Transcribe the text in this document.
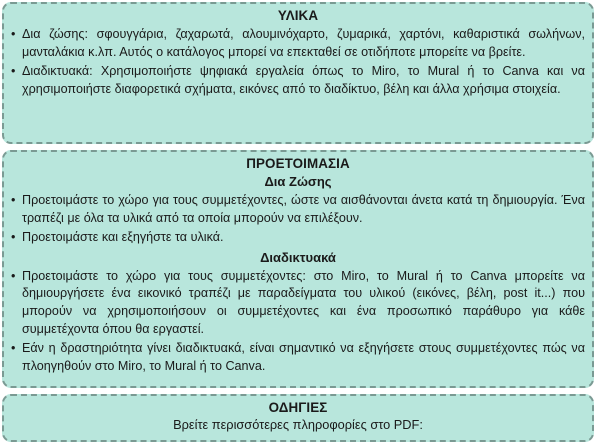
ΥΛΙΚΑ
• Δια ζώσης: σφουγγάρια, ζαχαρωτά, αλουμινόχαρτο, ζυμαρικά, χαρτόνι, καθαριστικά σωλήνων, μανταλάκια κ.λπ. Αυτός ο κατάλογος μπορεί να επεκταθεί σε οτιδήποτε μπορείτε να βρείτε.
• Διαδικτυακά: Χρησιμοποιήστε ψηφιακά εργαλεία όπως το Miro, το Mural ή το Canva και να χρησιμοποιήστε διαφορετικά σχήματα, εικόνες από το διαδίκτυο, βέλη και άλλα χρήσιμα στοιχεία.
ΠΡΟΕΤΟΙΜΑΣΙΑ
Δια Ζώσης
• Προετοιμάστε το χώρο για τους συμμετέχοντες, ώστε να αισθάνονται άνετα κατά τη δημιουργία. Ένα τραπέζι με όλα τα υλικά από τα οποία μπορούν να επιλέξουν.
• Προετοιμάστε και εξηγήστε τα υλικά.
Διαδικτυακά
• Προετοιμάστε το χώρο για τους συμμετέχοντες: στο Miro, το Mural ή το Canva μπορείτε να δημιουργήσετε ένα εικονικό τραπέζι με παραδείγματα του υλικού (εικόνες, βέλη, post it...) που μπορούν να χρησιμοποιήσουν οι συμμετέχοντες και ένα προσωπικό παράθυρο για κάθε συμμετέχοντα όπου θα εργαστεί.
• Εάν η δραστηριότητα γίνει διαδικτυακά, είναι σημαντικό να εξηγήσετε στους συμμετέχοντες πώς να πλοηγηθούν στο Miro, το Mural ή το Canva.
ΟΔΗΓΙΕΣ
Βρείτε περισσότερες πληροφορίες στο PDF:
